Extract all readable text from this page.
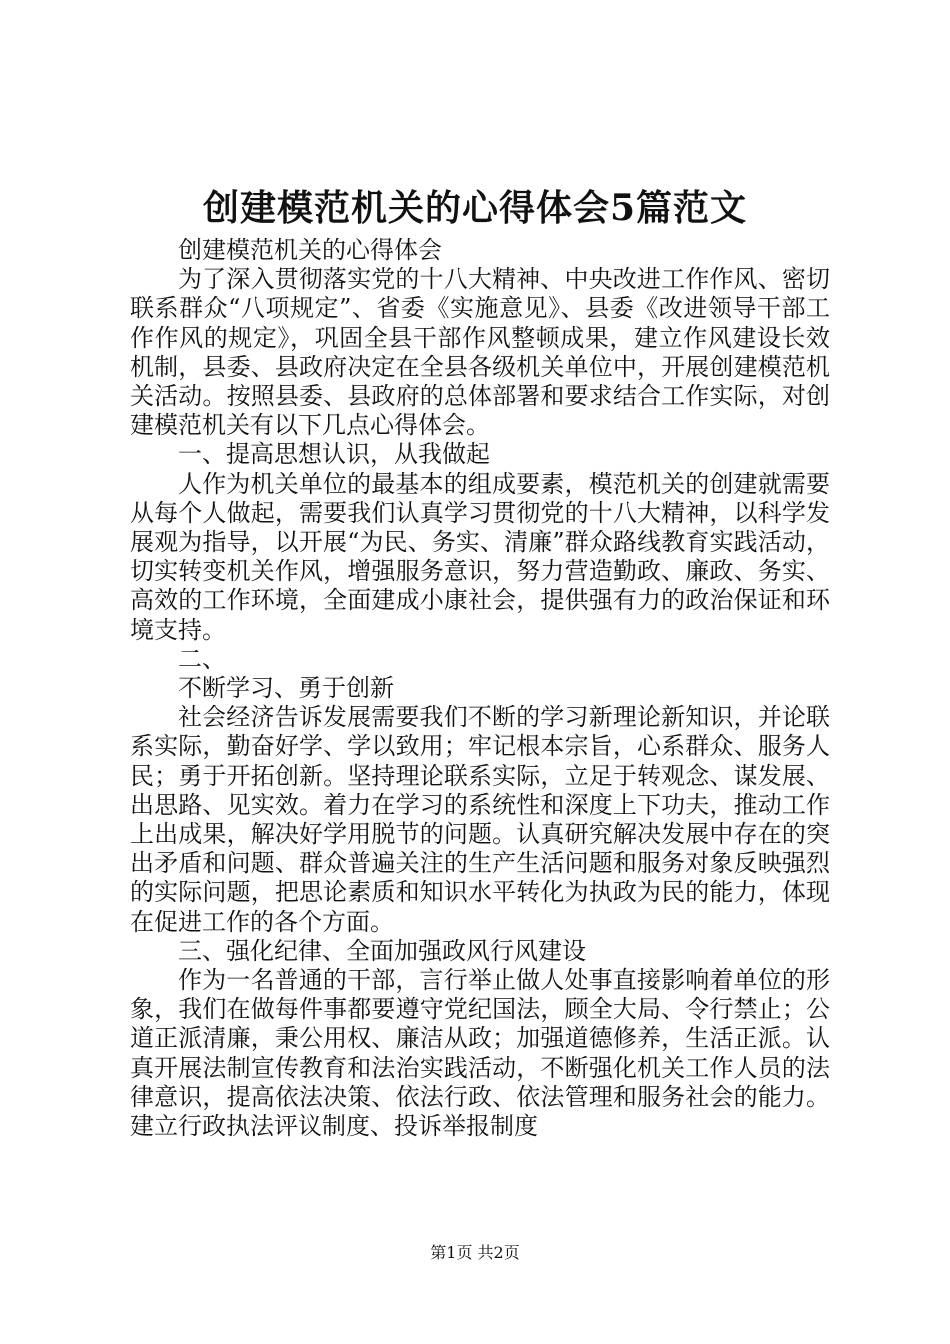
创建模范机关的心得体会5篇范文

创建模范机关的心得体会

为了深入贯彻落实党的十八大精神、中央改进工作作风、密切联系群众“八项规定”、省委《实施意见》、县委《改进领导干部工作作风的规定》，巩固全县干部作风整顿成果，建立作风建设长效机制，县委、县政府决定在全县各级机关单位中，开展创建模范机关活动。按照县委、县政府的总体部署和要求结合工作实际，对创建模范机关有以下几点心得体会。

一、提高思想认识，从我做起

人作为机关单位的最基本的组成要素，模范机关的创建就需要从每个人做起，需要我们认真学习贯彻党的十八大精神，以科学发展观为指导，以开展“为民、务实、清廉”群众路线教育实践活动，切实转变机关作风，增强服务意识，努力营造勤政、廉政、务实、高效的工作环境，全面建成小康社会，提供强有力的政治保证和环境支持。

二、

不断学习、勇于创新

社会经济告诉发展需要我们不断的学习新理论新知识，并论联系实际，勤奋好学、学以致用；牢记根本宗旨，心系群众、服务人民；勇于开拓创新。坚持理论联系实际，立足于转观念、谋发展、出思路、见实效。着力在学习的系统性和深度上下功夫，推动工作上出成果，解决好学用脱节的问题。认真研究解决发展中存在的突出矛盾和问题、群众普遍关注的生产生活问题和服务对象反映强烈的实际问题，把思论素质和知识水平转化为执政为民的能力，体现在促进工作的各个方面。

三、强化纪律、全面加强政风行风建设

作为一名普通的干部，言行举止做人处事直接影响着单位的形象，我们在做每件事都要遵守党纪国法，顾全大局、令行禁止；公道正派清廉，秉公用权、廉洁从政；加强道德修养，生活正派。认真开展法制宣传教育和法治实践活动，不断强化机关工作人员的法律意识，提高依法决策、依法行政、依法管理和服务社会的能力。建立行政执法评议制度、投诉举报制度

第1页 共2页
